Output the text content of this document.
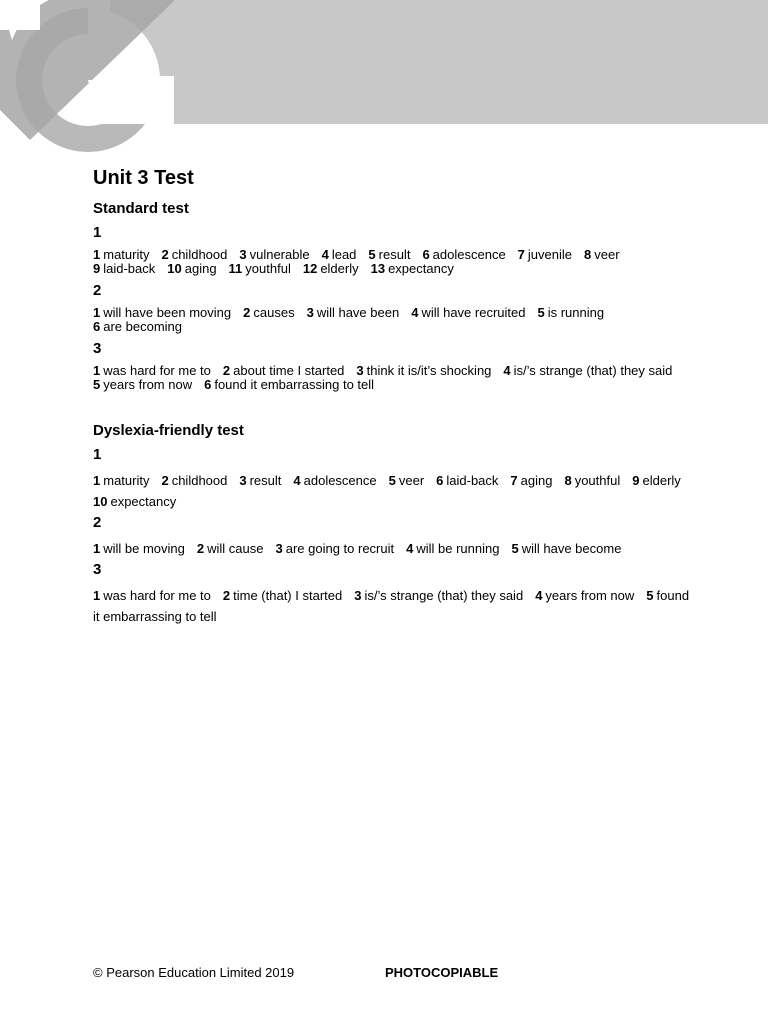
Unit 3 Test
Standard test
1
1 maturity 2 childhood 3 vulnerable 4 lead 5 result 6 adolescence 7 juvenile 8 veer
9 laid-back 10 aging 11 youthful 12 elderly 13 expectancy
2
1 will have been moving 2 causes 3 will have been 4 will have recruited 5 is running
6 are becoming
3
1 was hard for me to 2 about time I started 3 think it is/it’s shocking 4 is/’s strange (that) they said
5 years from now 6 found it embarrassing to tell
Dyslexia-friendly test
1
1 maturity 2 childhood 3 result 4 adolescence 5 veer 6 laid-back 7 aging 8 youthful 9 elderly
10 expectancy
2
1 will be moving 2 will cause 3 are going to recruit 4 will be running 5 will have become
3
1 was hard for me to 2 time (that) I started 3 is/’s strange (that) they said 4 years from now 5 found
it embarrassing to tell
© Pearson Education Limited 2019	PHOTOCOPIABLE
